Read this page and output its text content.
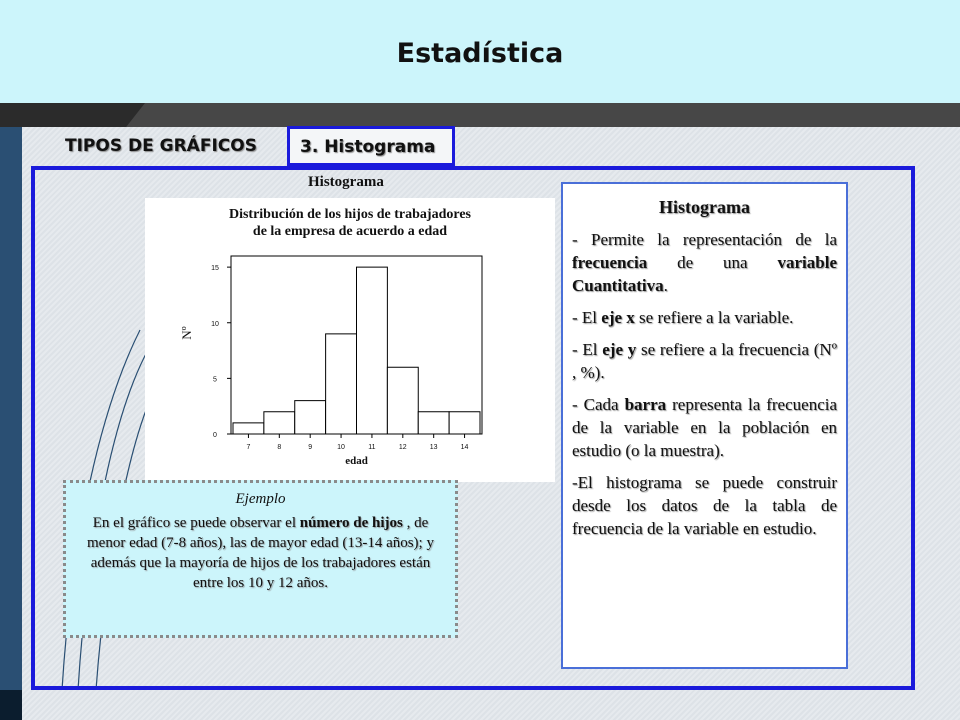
Estadística
TIPOS DE GRÁFICOS	3. Histograma
Histograma
Distribución de los hijos de trabajadores
de la empresa de acuerdo a edad
7	8	9	10	11	12	13	14
0
5
10
15
edad
Nº
Histograma
- Permite la representación de la frecuencia de una variable Cuantitativa.
- El eje x se refiere a la variable.
- El eje y se refiere a la frecuencia (Nº , %).
- Cada barra representa la frecuencia de la variable en la población en estudio (o la muestra).
-El histograma se puede construir desde los datos de la tabla de frecuencia de la variable en estudio.
Ejemplo
En el gráfico se puede observar el número de hijos , de menor edad (7-8 años), las de mayor edad (13-14 años); y además que la mayoría de hijos de los trabajadores están entre los 10 y 12 años.
